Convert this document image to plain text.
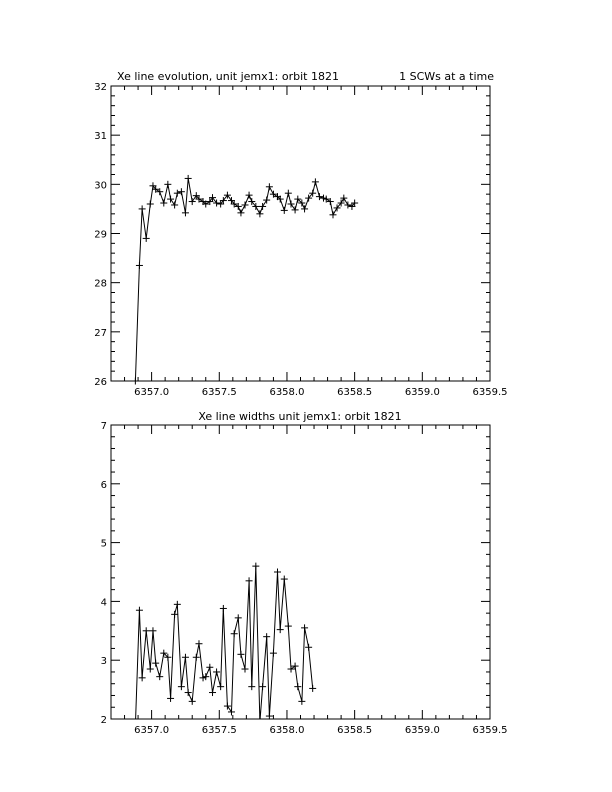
Xe line evolution, unit jemx1: orbit 1821	1 SCWs at a time
6357.0	6357.5	6358.0	6358.5	6359.0	6359.5
26
27
28
29
30
31
32
Xe line widths unit jemx1: orbit 1821
6357.0	6357.5	6358.0	6358.5	6359.0	6359.5
2
3
4
5
6
7
